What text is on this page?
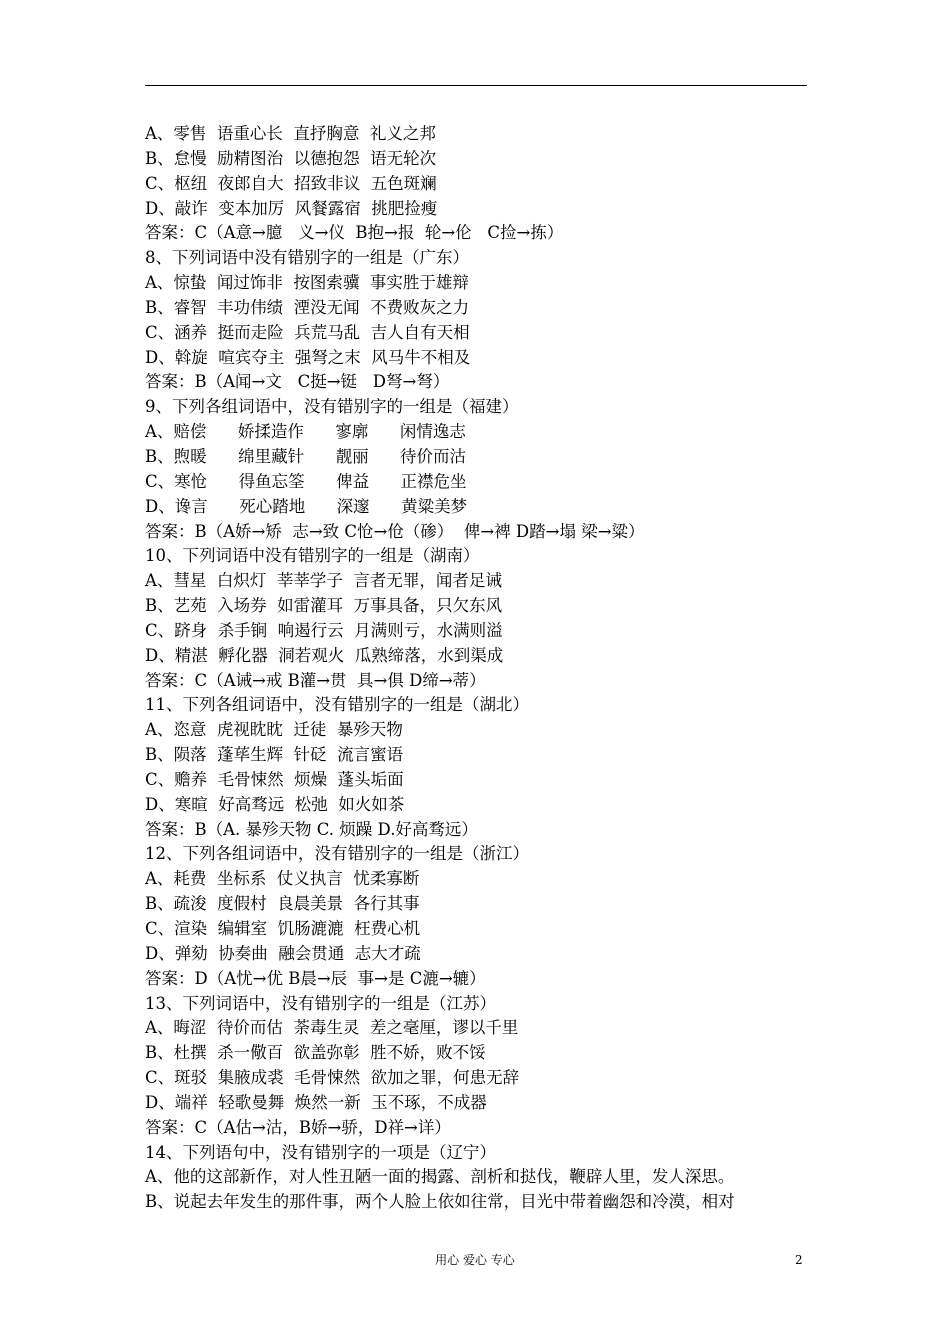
A、零售  语重心长  直抒胸意  礼义之邦
B、怠慢  励精图治  以德抱怨  语无轮次
C、枢纽  夜郎自大  招致非议  五色斑斓
D、敲诈  变本加厉  风餐露宿  挑肥捡瘦
答案：C（A意→臆   义→仪  B抱→报  轮→伦   C捡→拣）
8、下列词语中没有错别字的一组是（广东）
A、惊蛰  闻过饰非  按图索骥  事实胜于雄辩
B、睿智  丰功伟绩  湮没无闻  不费败灰之力
C、涵养  挺而走险  兵荒马乱  吉人自有天相
D、斡旋  喧宾夺主  强弩之末  风马牛不相及
答案：B（A闻→文   C挺→铤   D弩→弩）
9、下列各组词语中，没有错别字的一组是（福建）
A、赔偿      娇揉造作      寥廓      闲情逸志
B、煦暖      绵里藏针      靓丽      待价而沽
C、寒怆      得鱼忘筌      俾益      正襟危坐
D、谗言      死心踏地      深邃      黄粱美梦
答案：B（A娇→矫  志→致 C怆→伧（碜）  俾→裨 D踏→塌 梁→粱）
10、下列词语中没有错别字的一组是（湖南）
A、彗星  白炽灯  莘莘学子  言者无罪，闻者足诫
B、艺苑  入场券  如雷灌耳  万事具备，只欠东风
C、跻身  杀手锏  响遏行云  月满则亏，水满则溢
D、精湛  孵化器  洞若观火  瓜熟缔落，水到渠成
答案：C（A诫→戒 B灌→贯  具→俱 D缔→蒂）
11、下列各组词语中，没有错别字的一组是（湖北）
A、恣意  虎视眈眈  迁徒  暴殄天物
B、陨落  蓬荜生辉  针砭  流言蜜语
C、赡养  毛骨悚然  烦燥  蓬头垢面
D、寒暄  好高骛远  松弛  如火如茶
答案：B（A. 暴殄天物 C. 烦躁 D.好高骛远）
12、下列各组词语中，没有错别字的一组是（浙江）
A、耗费  坐标系  仗义执言  忧柔寡断
B、疏浚  度假村  良晨美景  各行其事
C、渲染  编辑室  饥肠漉漉  枉费心机
D、弹劾  协奏曲  融会贯通  志大才疏
答案：D（A忧→优 B晨→辰  事→是 C漉→辘）
13、下列词语中，没有错别字的一组是（江苏）
A、晦涩  待价而估  荼毒生灵  差之毫厘，谬以千里
B、杜撰  杀一儆百  欲盖弥彰  胜不娇，败不馁
C、斑驳  集腋成裘  毛骨悚然  欲加之罪，何患无辞
D、端祥  轻歌曼舞  焕然一新  玉不琢，不成器
答案：C（A估→沽，B娇→骄，D祥→详）
14、下列语句中，没有错别字的一项是（辽宁）
A、他的这部新作，对人性丑陋一面的揭露、剖析和挞伐，鞭辟人里，发人深思。
B、说起去年发生的那件事，两个人脸上依如往常，目光中带着幽怨和冷漠，相对
用心 爱心 专心	2
